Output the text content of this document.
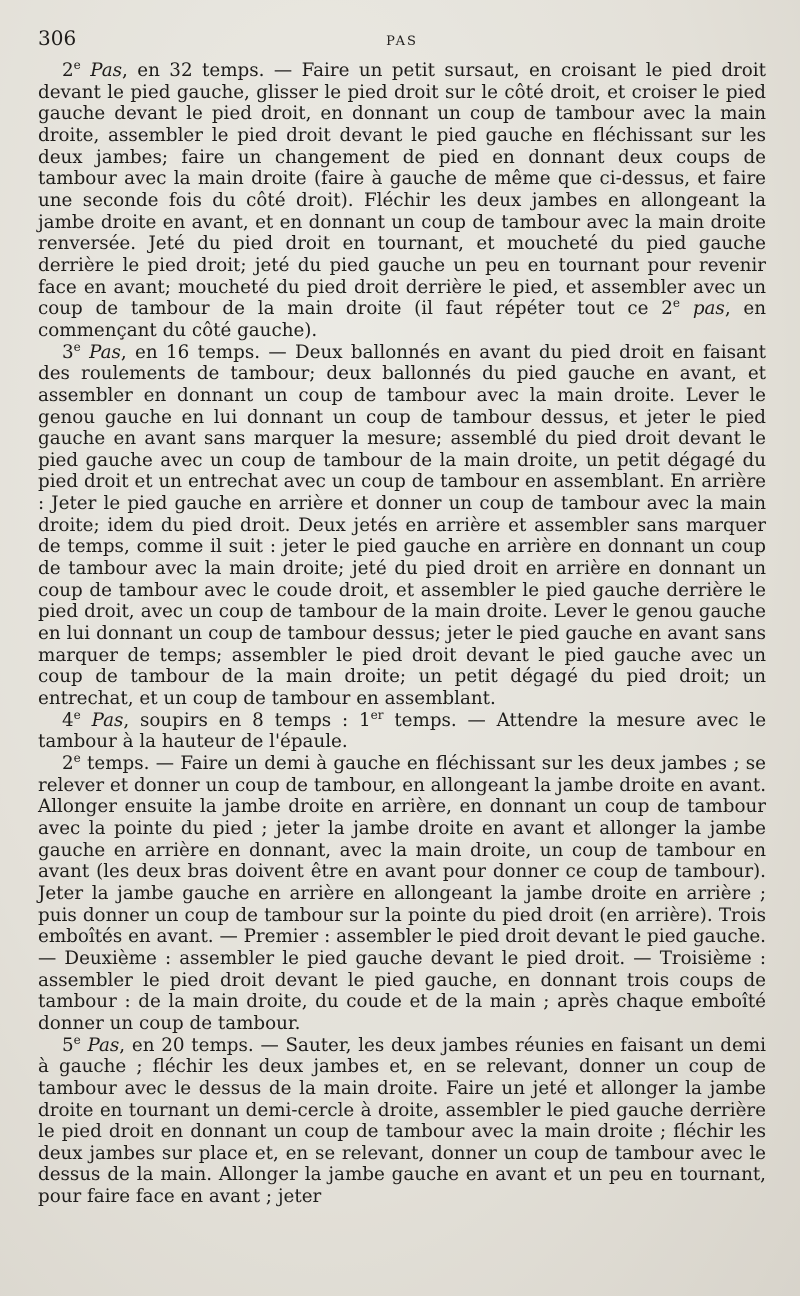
306	PAS

2e Pas, en 32 temps. — Faire un petit sursaut, en croisant le pied droit devant le pied gauche, glisser le pied droit sur le côté droit, et croiser le pied gauche devant le pied droit, en donnant un coup de tambour avec la main droite, assembler le pied droit devant le pied gauche en fléchissant sur les deux jambes; faire un changement de pied en donnant deux coups de tambour avec la main droite (faire à gauche de même que ci-dessus, et faire une seconde fois du côté droit). Fléchir les deux jambes en allongeant la jambe droite en avant, et en donnant un coup de tambour avec la main droite renversée. Jeté du pied droit en tournant, et moucheté du pied gauche derrière le pied droit; jeté du pied gauche un peu en tournant pour revenir face en avant; moucheté du pied droit derrière le pied, et assembler avec un coup de tambour de la main droite (il faut répéter tout ce 2e pas, en commençant du côté gauche).

3e Pas, en 16 temps. — Deux ballonnés en avant du pied droit en faisant des roulements de tambour; deux ballonnés du pied gauche en avant, et assembler en donnant un coup de tambour avec la main droite. Lever le genou gauche en lui donnant un coup de tambour dessus, et jeter le pied gauche en avant sans marquer la mesure; assemblé du pied droit devant le pied gauche avec un coup de tambour de la main droite, un petit dégagé du pied droit et un entrechat avec un coup de tambour en assemblant. En arrière : Jeter le pied gauche en arrière et donner un coup de tambour avec la main droite; idem du pied droit. Deux jetés en arrière et assembler sans marquer de temps, comme il suit : jeter le pied gauche en arrière en donnant un coup de tambour avec la main droite; jeté du pied droit en arrière en donnant un coup de tambour avec le coude droit, et assembler le pied gauche derrière le pied droit, avec un coup de tambour de la main droite. Lever le genou gauche en lui donnant un coup de tambour dessus; jeter le pied gauche en avant sans marquer de temps; assembler le pied droit devant le pied gauche avec un coup de tambour de la main droite; un petit dégagé du pied droit; un entrechat, et un coup de tambour en assemblant.

4e Pas, soupirs en 8 temps : 1er temps. — Attendre la mesure avec le tambour à la hauteur de l'épaule.

2e temps. — Faire un demi à gauche en fléchissant sur les deux jambes ; se relever et donner un coup de tambour, en allongeant la jambe droite en avant. Allonger ensuite la jambe droite en arrière, en donnant un coup de tambour avec la pointe du pied ; jeter la jambe droite en avant et allonger la jambe gauche en arrière en donnant, avec la main droite, un coup de tambour en avant (les deux bras doivent être en avant pour donner ce coup de tambour). Jeter la jambe gauche en arrière en allongeant la jambe droite en arrière ; puis donner un coup de tambour sur la pointe du pied droit (en arrière). Trois emboîtés en avant. — Premier : assembler le pied droit devant le pied gauche. — Deuxième : assembler le pied gauche devant le pied droit. — Troisième : assembler le pied droit devant le pied gauche, en donnant trois coups de tambour : de la main droite, du coude et de la main ; après chaque emboîté donner un coup de tambour.

5e Pas, en 20 temps. — Sauter, les deux jambes réunies en faisant un demi à gauche ; fléchir les deux jambes et, en se relevant, donner un coup de tambour avec le dessus de la main droite. Faire un jeté et allonger la jambe droite en tournant un demi-cercle à droite, assembler le pied gauche derrière le pied droit en donnant un coup de tambour avec la main droite ; fléchir les deux jambes sur place et, en se relevant, donner un coup de tambour avec le dessus de la main. Allonger la jambe gauche en avant et un peu en tournant, pour faire face en avant ; jeter
